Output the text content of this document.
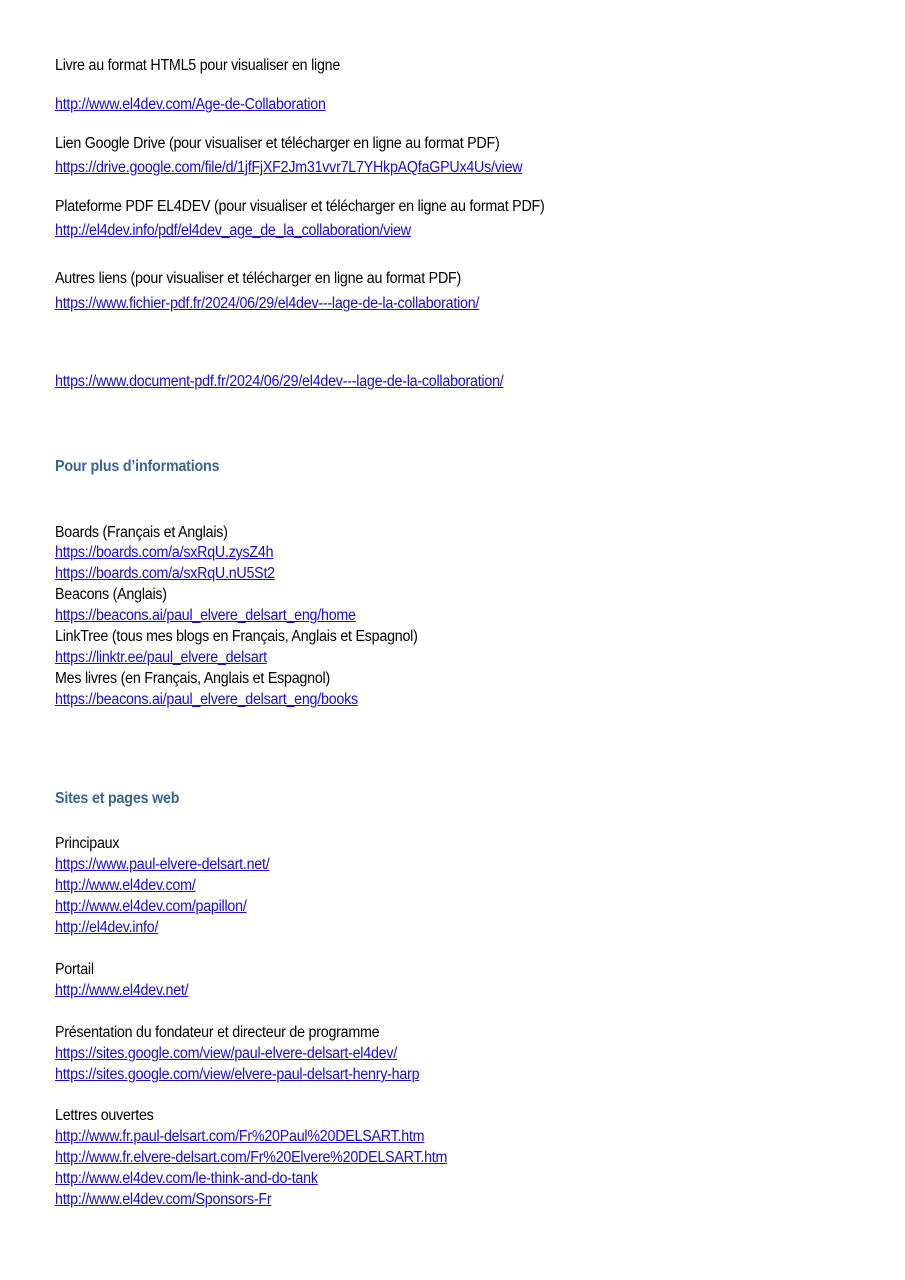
Livre au format HTML5 pour visualiser en ligne
http://www.el4dev.com/Age-de-Collaboration
Lien Google Drive (pour visualiser et télécharger en ligne au format PDF)
https://drive.google.com/file/d/1jfFjXF2Jm31vvr7L7YHkpAQfaGPUx4Us/view
Plateforme PDF EL4DEV (pour visualiser et télécharger en ligne au format PDF)
http://el4dev.info/pdf/el4dev_age_de_la_collaboration/view
Autres liens (pour visualiser et télécharger en ligne au format PDF)
https://www.fichier-pdf.fr/2024/06/29/el4dev---lage-de-la-collaboration/
https://www.document-pdf.fr/2024/06/29/el4dev---lage-de-la-collaboration/
Pour plus d’informations
Boards (Français et Anglais)
https://boards.com/a/sxRqU.zysZ4h
https://boards.com/a/sxRqU.nU5St2
Beacons (Anglais)
https://beacons.ai/paul_elvere_delsart_eng/home
LinkTree (tous mes blogs en Français, Anglais et Espagnol)
https://linktr.ee/paul_elvere_delsart
Mes livres (en Français, Anglais et Espagnol)
https://beacons.ai/paul_elvere_delsart_eng/books
Sites et pages web
Principaux
https://www.paul-elvere-delsart.net/
http://www.el4dev.com/
http://www.el4dev.com/papillon/
http://el4dev.info/
Portail
http://www.el4dev.net/
Présentation du fondateur et directeur de programme
https://sites.google.com/view/paul-elvere-delsart-el4dev/
https://sites.google.com/view/elvere-paul-delsart-henry-harp
Lettres ouvertes
http://www.fr.paul-delsart.com/Fr%20Paul%20DELSART.htm
http://www.fr.elvere-delsart.com/Fr%20Elvere%20DELSART.htm
http://www.el4dev.com/le-think-and-do-tank
http://www.el4dev.com/Sponsors-Fr
